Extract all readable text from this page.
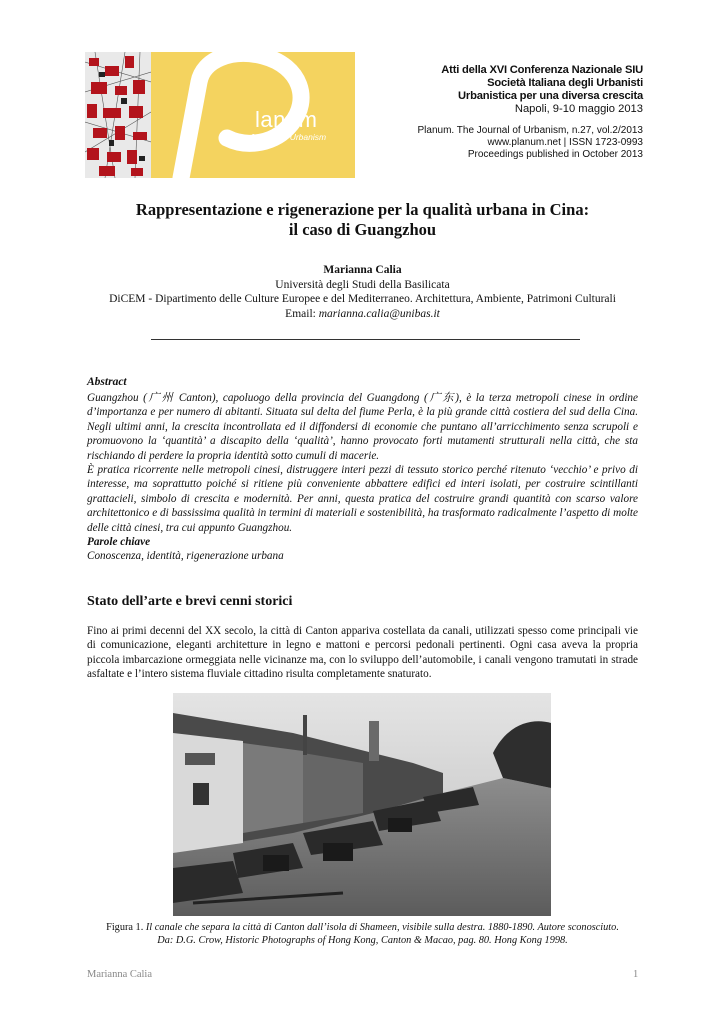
lanum
The Journal of Urbanism
Atti della XVI Conferenza Nazionale SIU
Società Italiana degli Urbanisti
Urbanistica per una diversa crescita
Napoli, 9-10 maggio 2013
Planum. The Journal of Urbanism, n.27, vol.2/2013
www.planum.net | ISSN 1723-0993
Proceedings published in October 2013
Rappresentazione e rigenerazione per la qualità urbana in Cina:
il caso di Guangzhou
Marianna Calia
Università degli Studi della Basilicata
DiCEM - Dipartimento delle Culture Europee e del Mediterraneo. Architettura, Ambiente, Patrimoni Culturali
Email: marianna.calia@unibas.it
Abstract

Guangzhou (广州 Canton), capoluogo della provincia del Guangdong (广东), è la terza metropoli cinese in ordine d’importanza e per numero di abitanti. Situata sul delta del fiume Perla, è la più grande città costiera del sud della Cina. Negli ultimi anni, la crescita incontrollata ed il diffondersi di economie che puntano all’arricchimento senza scrupoli e promuovono la ‘quantità’ a discapito della ‘qualità’, hanno provocato forti mutamenti strutturali nella città, che sta rischiando di perdere la propria identità sotto cumuli di macerie.

È pratica ricorrente nelle metropoli cinesi, distruggere interi pezzi di tessuto storico perché ritenuto ‘vecchio’ e privo di interesse, ma soprattutto poiché si ritiene più conveniente abbattere edifici ed interi isolati, per costruire scintillanti grattacieli, simbolo di crescita e modernità. Per anni, questa pratica del costruire grandi quantità con scarso valore architettonico e di bassissima qualità in termini di materiali e sostenibilità, ha trasformato radicalmente l’aspetto di molte delle città cinesi, tra cui appunto Guangzhou.

Parole chiave

Conoscenza, identità, rigenerazione urbana

Stato dell’arte e brevi cenni storici
Fino ai primi decenni del XX secolo, la città di Canton appariva costellata da canali, utilizzati spesso come principali vie di comunicazione, eleganti architetture in legno e mattoni e percorsi pedonali pertinenti. Ogni casa aveva la propria piccola imbarcazione ormeggiata nelle vicinanze ma, con lo sviluppo dell’automobile, i canali vengono tramutati in strade asfaltate e l’intero sistema fluviale cittadino risulta completamente snaturato.
Figura 1. Il canale che separa la città di Canton dall’isola di Shameen, visibile sulla destra. 1880-1890. Autore sconosciuto.
Da: D.G. Crow, Historic Photographs of Hong Kong, Canton & Macao, pag. 80. Hong Kong 1998.
Marianna Calia	1
